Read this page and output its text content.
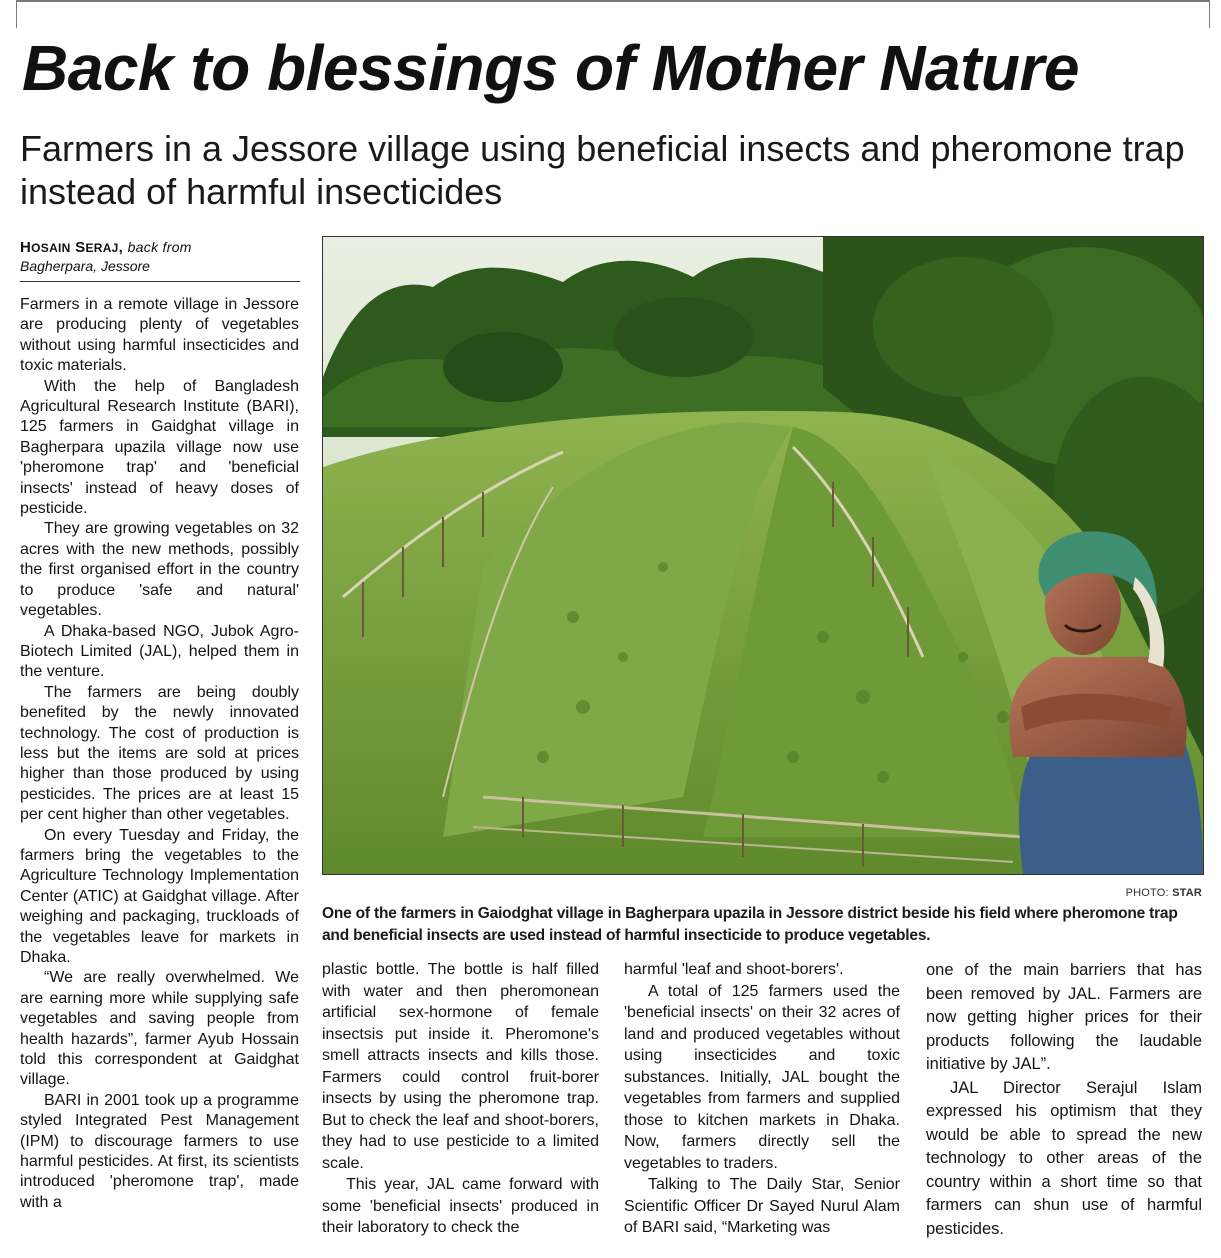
Back to blessings of Mother Nature
Farmers in a Jessore village using beneficial insects and pheromone trap instead of harmful insecticides
HOSAIN SERAJ, back from
Bagherpara, Jessore

Farmers in a remote village in Jessore are producing plenty of vegetables without using harmful insecticides and toxic materials.

With the help of Bangladesh Agricultural Research Institute (BARI), 125 farmers in Gaidghat village in Bagherpara upazila village now use 'pheromone trap' and 'beneficial insects' instead of heavy doses of pesticide.

They are growing vegetables on 32 acres with the new methods, possibly the first organised effort in the country to produce 'safe and natural' vegetables.

A Dhaka-based NGO, Jubok Agro-Biotech Limited (JAL), helped them in the venture.

The farmers are being doubly benefited by the newly innovated technology. The cost of production is less but the items are sold at prices higher than those produced by using pesticides. The prices are at least 15 per cent higher than other vegetables.

On every Tuesday and Friday, the farmers bring the vegetables to the Agriculture Technology Implementation Center (ATIC) at Gaidghat village. After weighing and packaging, truckloads of the vegetables leave for markets in Dhaka.

“We are really overwhelmed. We are earning more while supplying safe vegetables and saving people from health hazards”, farmer Ayub Hossain told this correspondent at Gaidghat village.

BARI in 2001 took up a programme styled Integrated Pest Management (IPM) to discourage farmers to use harmful pesticides. At first, its scientists introduced 'pheromone trap', made with a

PHOTO: STAR
One of the farmers in Gaiodghat village in Bagherpara upazila in Jessore district beside his field where pheromone trap and beneficial insects are used instead of harmful insecticide to produce vegetables.

plastic bottle. The bottle is half filled with water and then pheromonean artificial sex-hormone of female insectsis put inside it. Pheromone's smell attracts insects and kills those. Farmers could control fruit-borer insects by using the pheromone trap. But to check the leaf and shoot-borers, they had to use pesticide to a limited scale.

This year, JAL came forward with some 'beneficial insects' produced in their laboratory to check the

harmful 'leaf and shoot-borers'.

A total of 125 farmers used the 'beneficial insects' on their 32 acres of land and produced vegetables without using insecticides and toxic substances. Initially, JAL bought the vegetables from farmers and supplied those to kitchen markets in Dhaka. Now, farmers directly sell the vegetables to traders.

Talking to The Daily Star, Senior Scientific Officer Dr Sayed Nurul Alam of BARI said, “Marketing was

one of the main barriers that has been removed by JAL. Farmers are now getting higher prices for their products following the laudable initiative by JAL”.

JAL Director Serajul Islam expressed his optimism that they would be able to spread the new technology to other areas of the country within a short time so that farmers can shun use of harmful pesticides.
